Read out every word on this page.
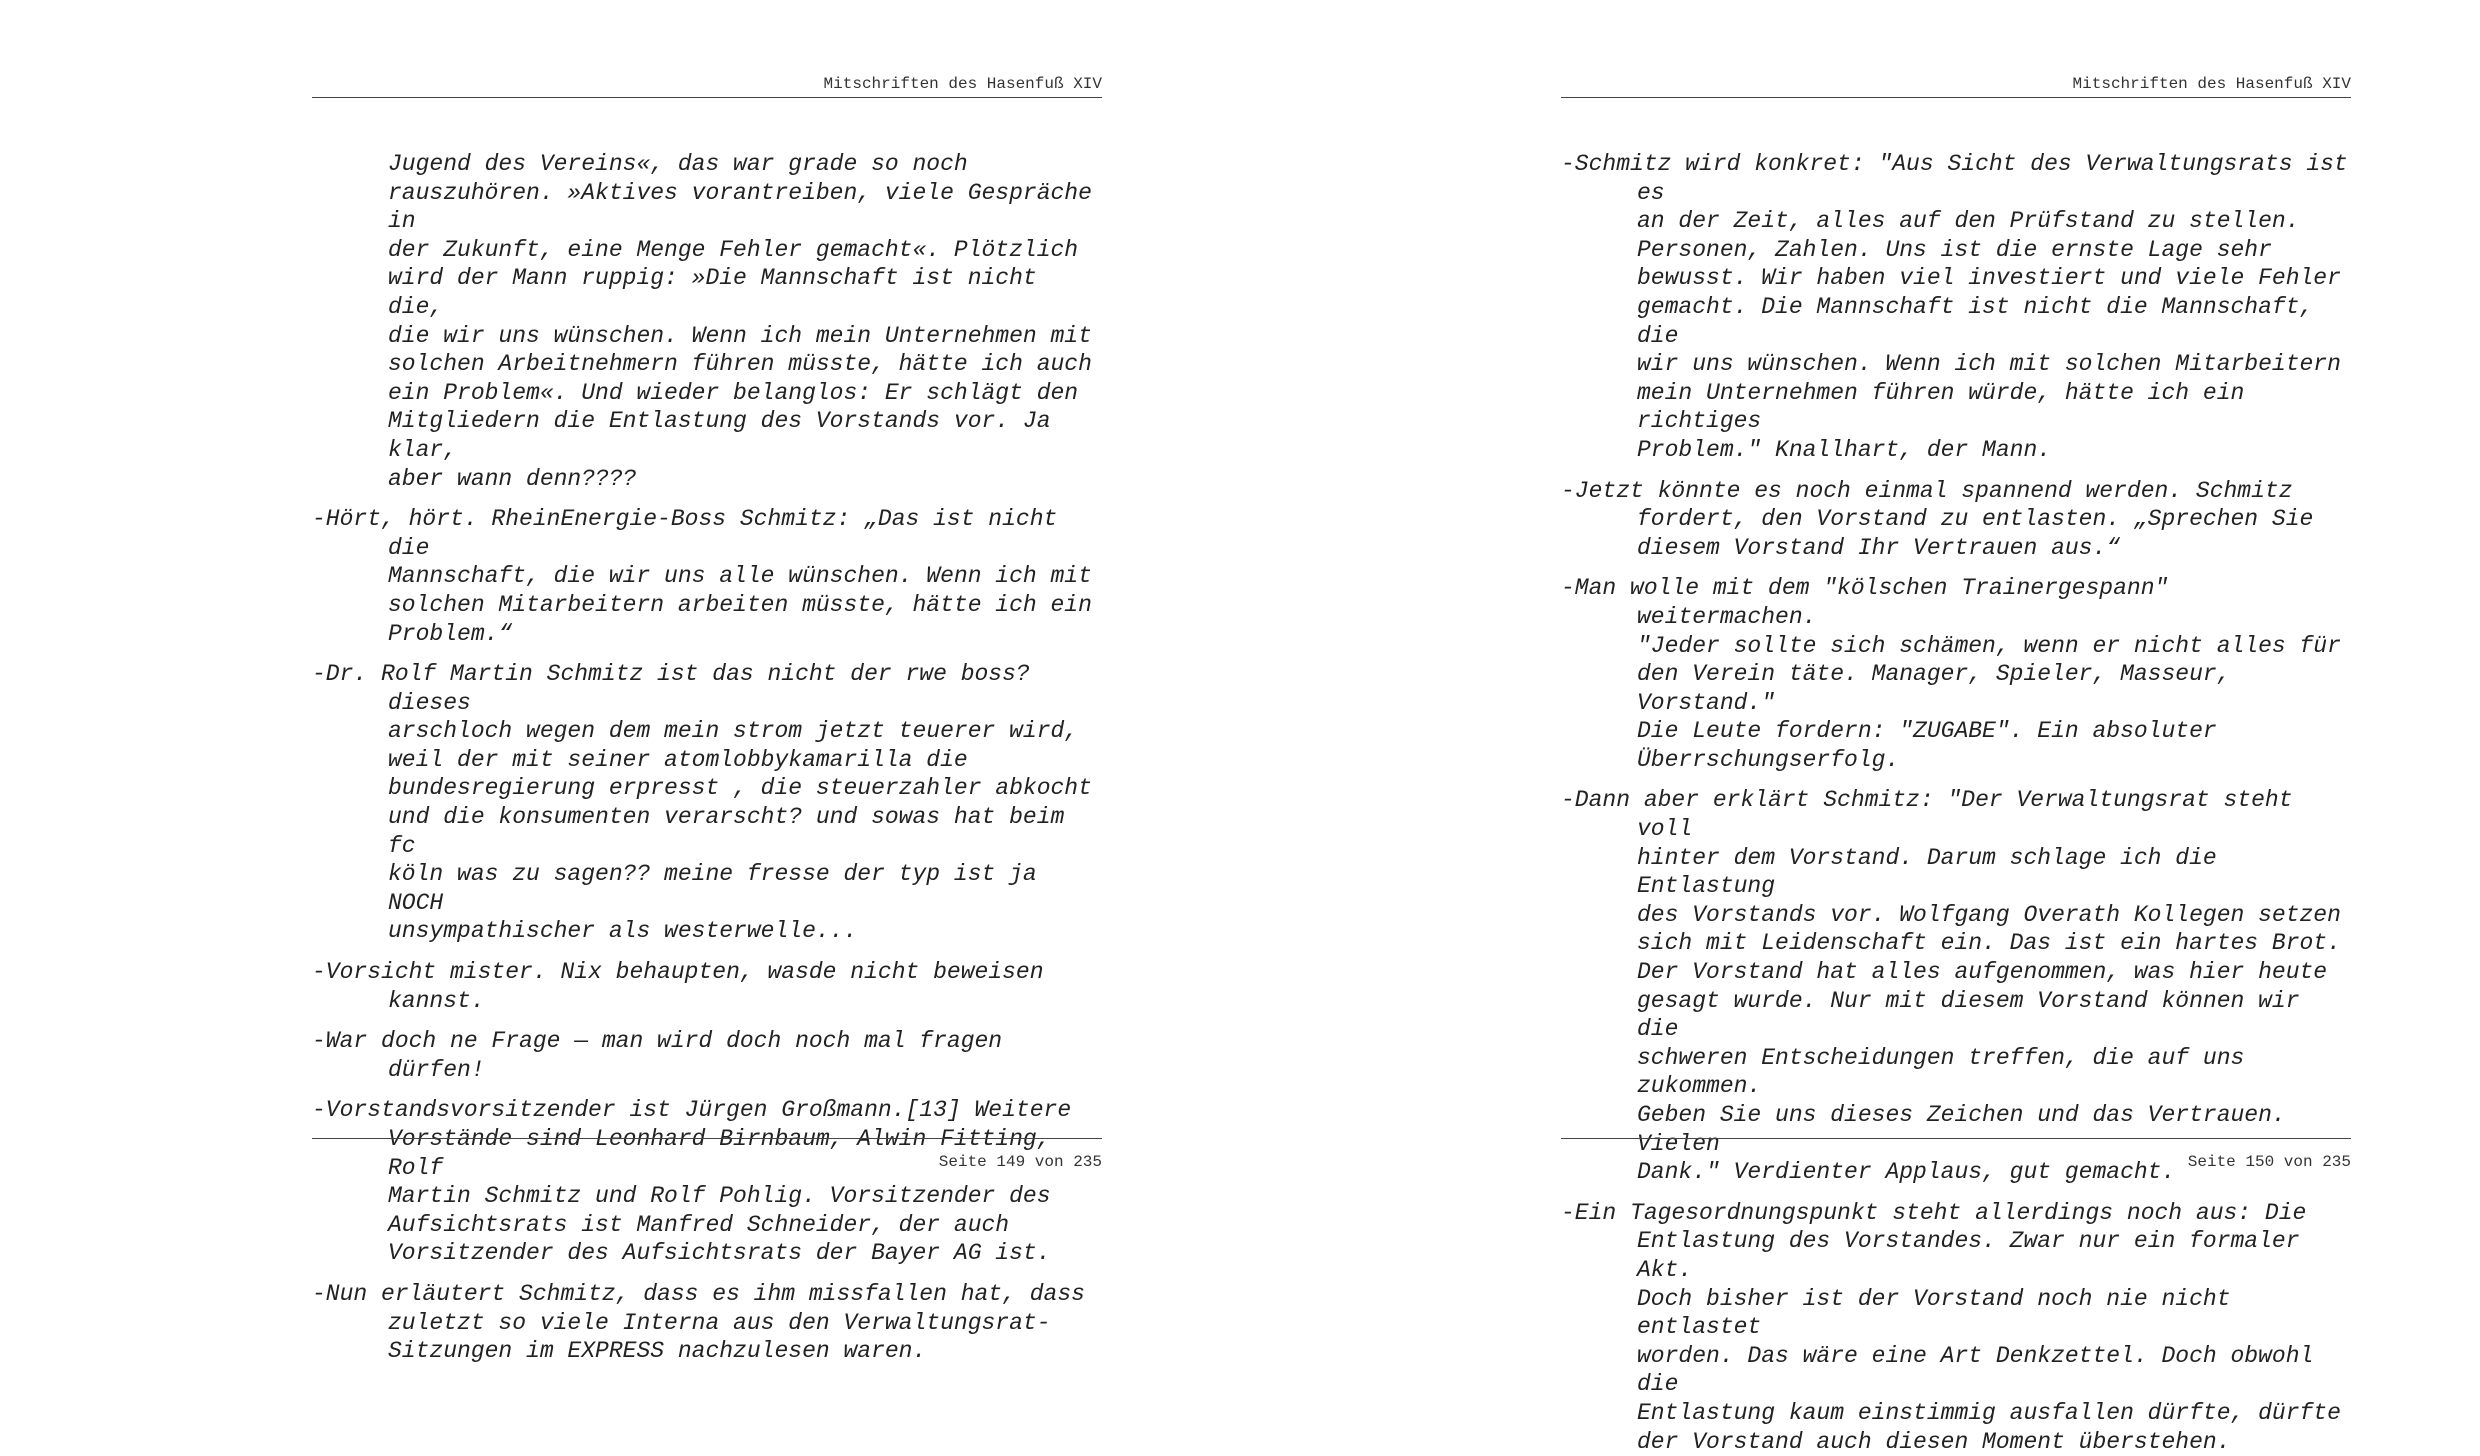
Mitschriften des Hasenfuß XIV

Jugend des Vereins«, das war grade so noch
rauszuhören. »Aktives vorantreiben, viele Gespräche in
der Zukunft, eine Menge Fehler gemacht«. Plötzlich
wird der Mann ruppig: »Die Mannschaft ist nicht die,
die wir uns wünschen. Wenn ich mein Unternehmen mit
solchen Arbeitnehmern führen müsste, hätte ich auch
ein Problem«. Und wieder belanglos: Er schlägt den
Mitgliedern die Entlastung des Vorstands vor. Ja klar,
aber wann denn????

-Hört, hört. RheinEnergie-Boss Schmitz: „Das ist nicht die
Mannschaft, die wir uns alle wünschen. Wenn ich mit
solchen Mitarbeitern arbeiten müsste, hätte ich ein
Problem.“

-Dr. Rolf Martin Schmitz ist das nicht der rwe boss? dieses
arschloch wegen dem mein strom jetzt teuerer wird,
weil der mit seiner atomlobbykamarilla die
bundesregierung erpresst , die steuerzahler abkocht
und die konsumenten verarscht? und sowas hat beim fc
köln was zu sagen?? meine fresse der typ ist ja NOCH
unsympathischer als westerwelle...

-Vorsicht mister. Nix behaupten, wasde nicht beweisen
kannst.

-War doch ne Frage — man wird doch noch mal fragen dürfen!

-Vorstandsvorsitzender ist Jürgen Großmann.[13] Weitere
Vorstände sind Leonhard Birnbaum, Alwin Fitting, Rolf
Martin Schmitz und Rolf Pohlig. Vorsitzender des
Aufsichtsrats ist Manfred Schneider, der auch
Vorsitzender des Aufsichtsrats der Bayer AG ist.

-Nun erläutert Schmitz, dass es ihm missfallen hat, dass
zuletzt so viele Interna aus den Verwaltungsrat-
Sitzungen im EXPRESS nachzulesen waren.

Seite 149 von 235
Mitschriften des Hasenfuß XIV

-Schmitz wird konkret: "Aus Sicht des Verwaltungsrats ist es
an der Zeit, alles auf den Prüfstand zu stellen.
Personen, Zahlen. Uns ist die ernste Lage sehr
bewusst. Wir haben viel investiert und viele Fehler
gemacht. Die Mannschaft ist nicht die Mannschaft, die
wir uns wünschen. Wenn ich mit solchen Mitarbeitern
mein Unternehmen führen würde, hätte ich ein richtiges
Problem." Knallhart, der Mann.

-Jetzt könnte es noch einmal spannend werden. Schmitz
fordert, den Vorstand zu entlasten. „Sprechen Sie
diesem Vorstand Ihr Vertrauen aus.“

-Man wolle mit dem "kölschen Trainergespann" weitermachen.
"Jeder sollte sich schämen, wenn er nicht alles für
den Verein täte. Manager, Spieler, Masseur, Vorstand."
Die Leute fordern: "ZUGABE". Ein absoluter
Überrschungserfolg.

-Dann aber erklärt Schmitz: "Der Verwaltungsrat steht voll
hinter dem Vorstand. Darum schlage ich die Entlastung
des Vorstands vor. Wolfgang Overath Kollegen setzen
sich mit Leidenschaft ein. Das ist ein hartes Brot.
Der Vorstand hat alles aufgenommen, was hier heute
gesagt wurde. Nur mit diesem Vorstand können wir die
schweren Entscheidungen treffen, die auf uns zukommen.
Geben Sie uns dieses Zeichen und das Vertrauen. Vielen
Dank." Verdienter Applaus, gut gemacht.

-Ein Tagesordnungspunkt steht allerdings noch aus: Die
Entlastung des Vorstandes. Zwar nur ein formaler Akt.
Doch bisher ist der Vorstand noch nie nicht entlastet
worden. Das wäre eine Art Denkzettel. Doch obwohl die
Entlastung kaum einstimmig ausfallen dürfte, dürfte
der Vorstand auch diesen Moment überstehen.

Seite 150 von 235
